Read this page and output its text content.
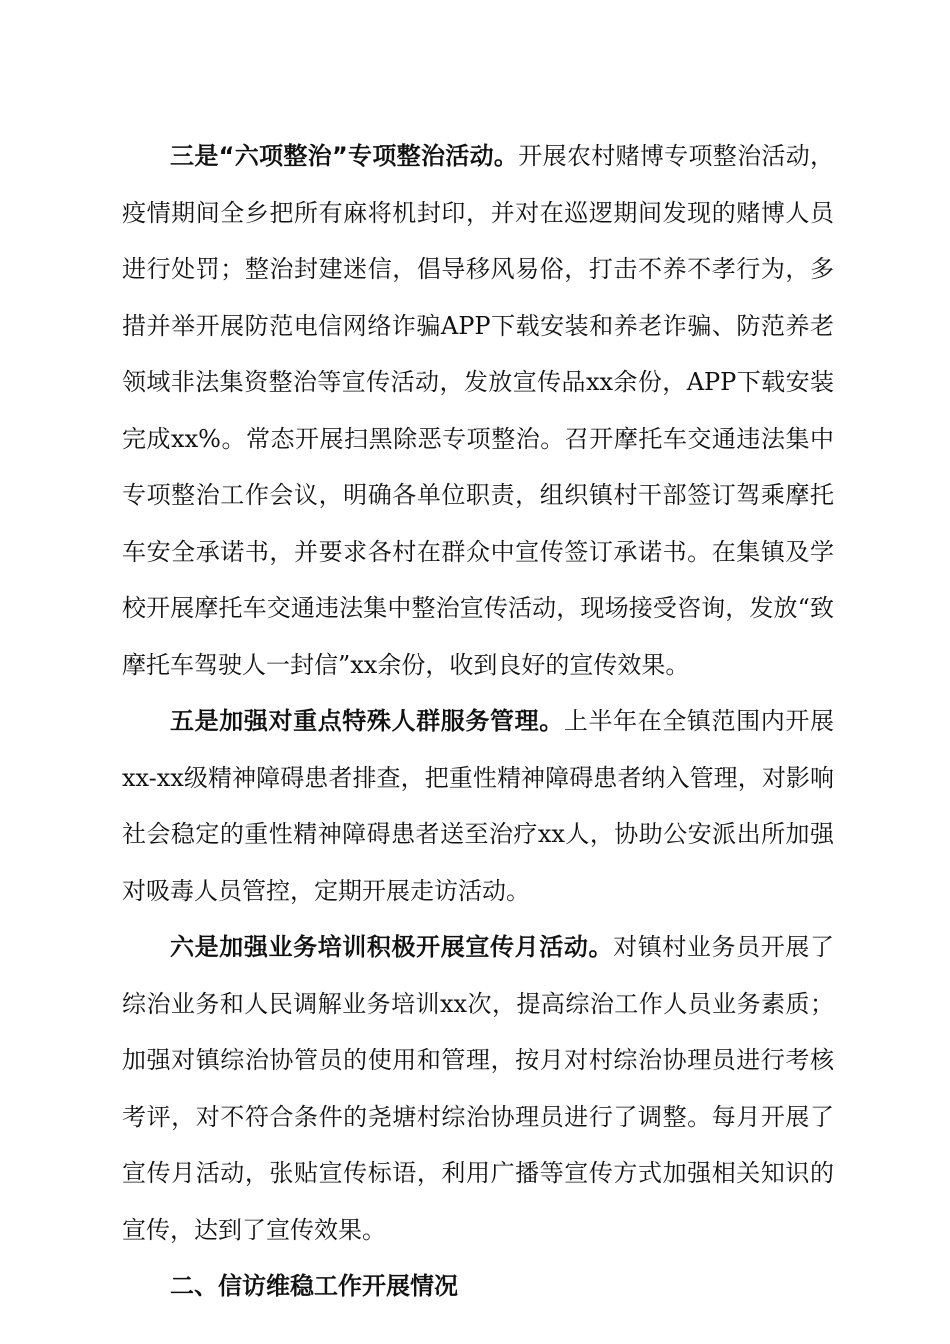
三是“六项整治”专项整治活动。开展农村赌博专项整治活动，疫情期间全乡把所有麻将机封印，并对在巡逻期间发现的赌博人员进行处罚；整治封建迷信，倡导移风易俗，打击不养不孝行为，多措并举开展防范电信网络诈骗APP下载安装和养老诈骗、防范养老领域非法集资整治等宣传活动，发放宣传品xx余份，APP下载安装完成xx%。常态开展扫黑除恶专项整治。召开摩托车交通违法集中专项整治工作会议，明确各单位职责，组织镇村干部签订驾乘摩托车安全承诺书，并要求各村在群众中宣传签订承诺书。在集镇及学校开展摩托车交通违法集中整治宣传活动，现场接受咨询，发放“致摩托车驾驶人一封信”xx余份，收到良好的宣传效果。

五是加强对重点特殊人群服务管理。上半年在全镇范围内开展xx-xx级精神障碍患者排查，把重性精神障碍患者纳入管理，对影响社会稳定的重性精神障碍患者送至治疗xx人，协助公安派出所加强对吸毒人员管控，定期开展走访活动。

六是加强业务培训积极开展宣传月活动。对镇村业务员开展了综治业务和人民调解业务培训xx次，提高综治工作人员业务素质；加强对镇综治协管员的使用和管理，按月对村综治协理员进行考核考评，对不符合条件的尧塘村综治协理员进行了调整。每月开展了宣传月活动，张贴宣传标语，利用广播等宣传方式加强相关知识的宣传，达到了宣传效果。

二、信访维稳工作开展情况
